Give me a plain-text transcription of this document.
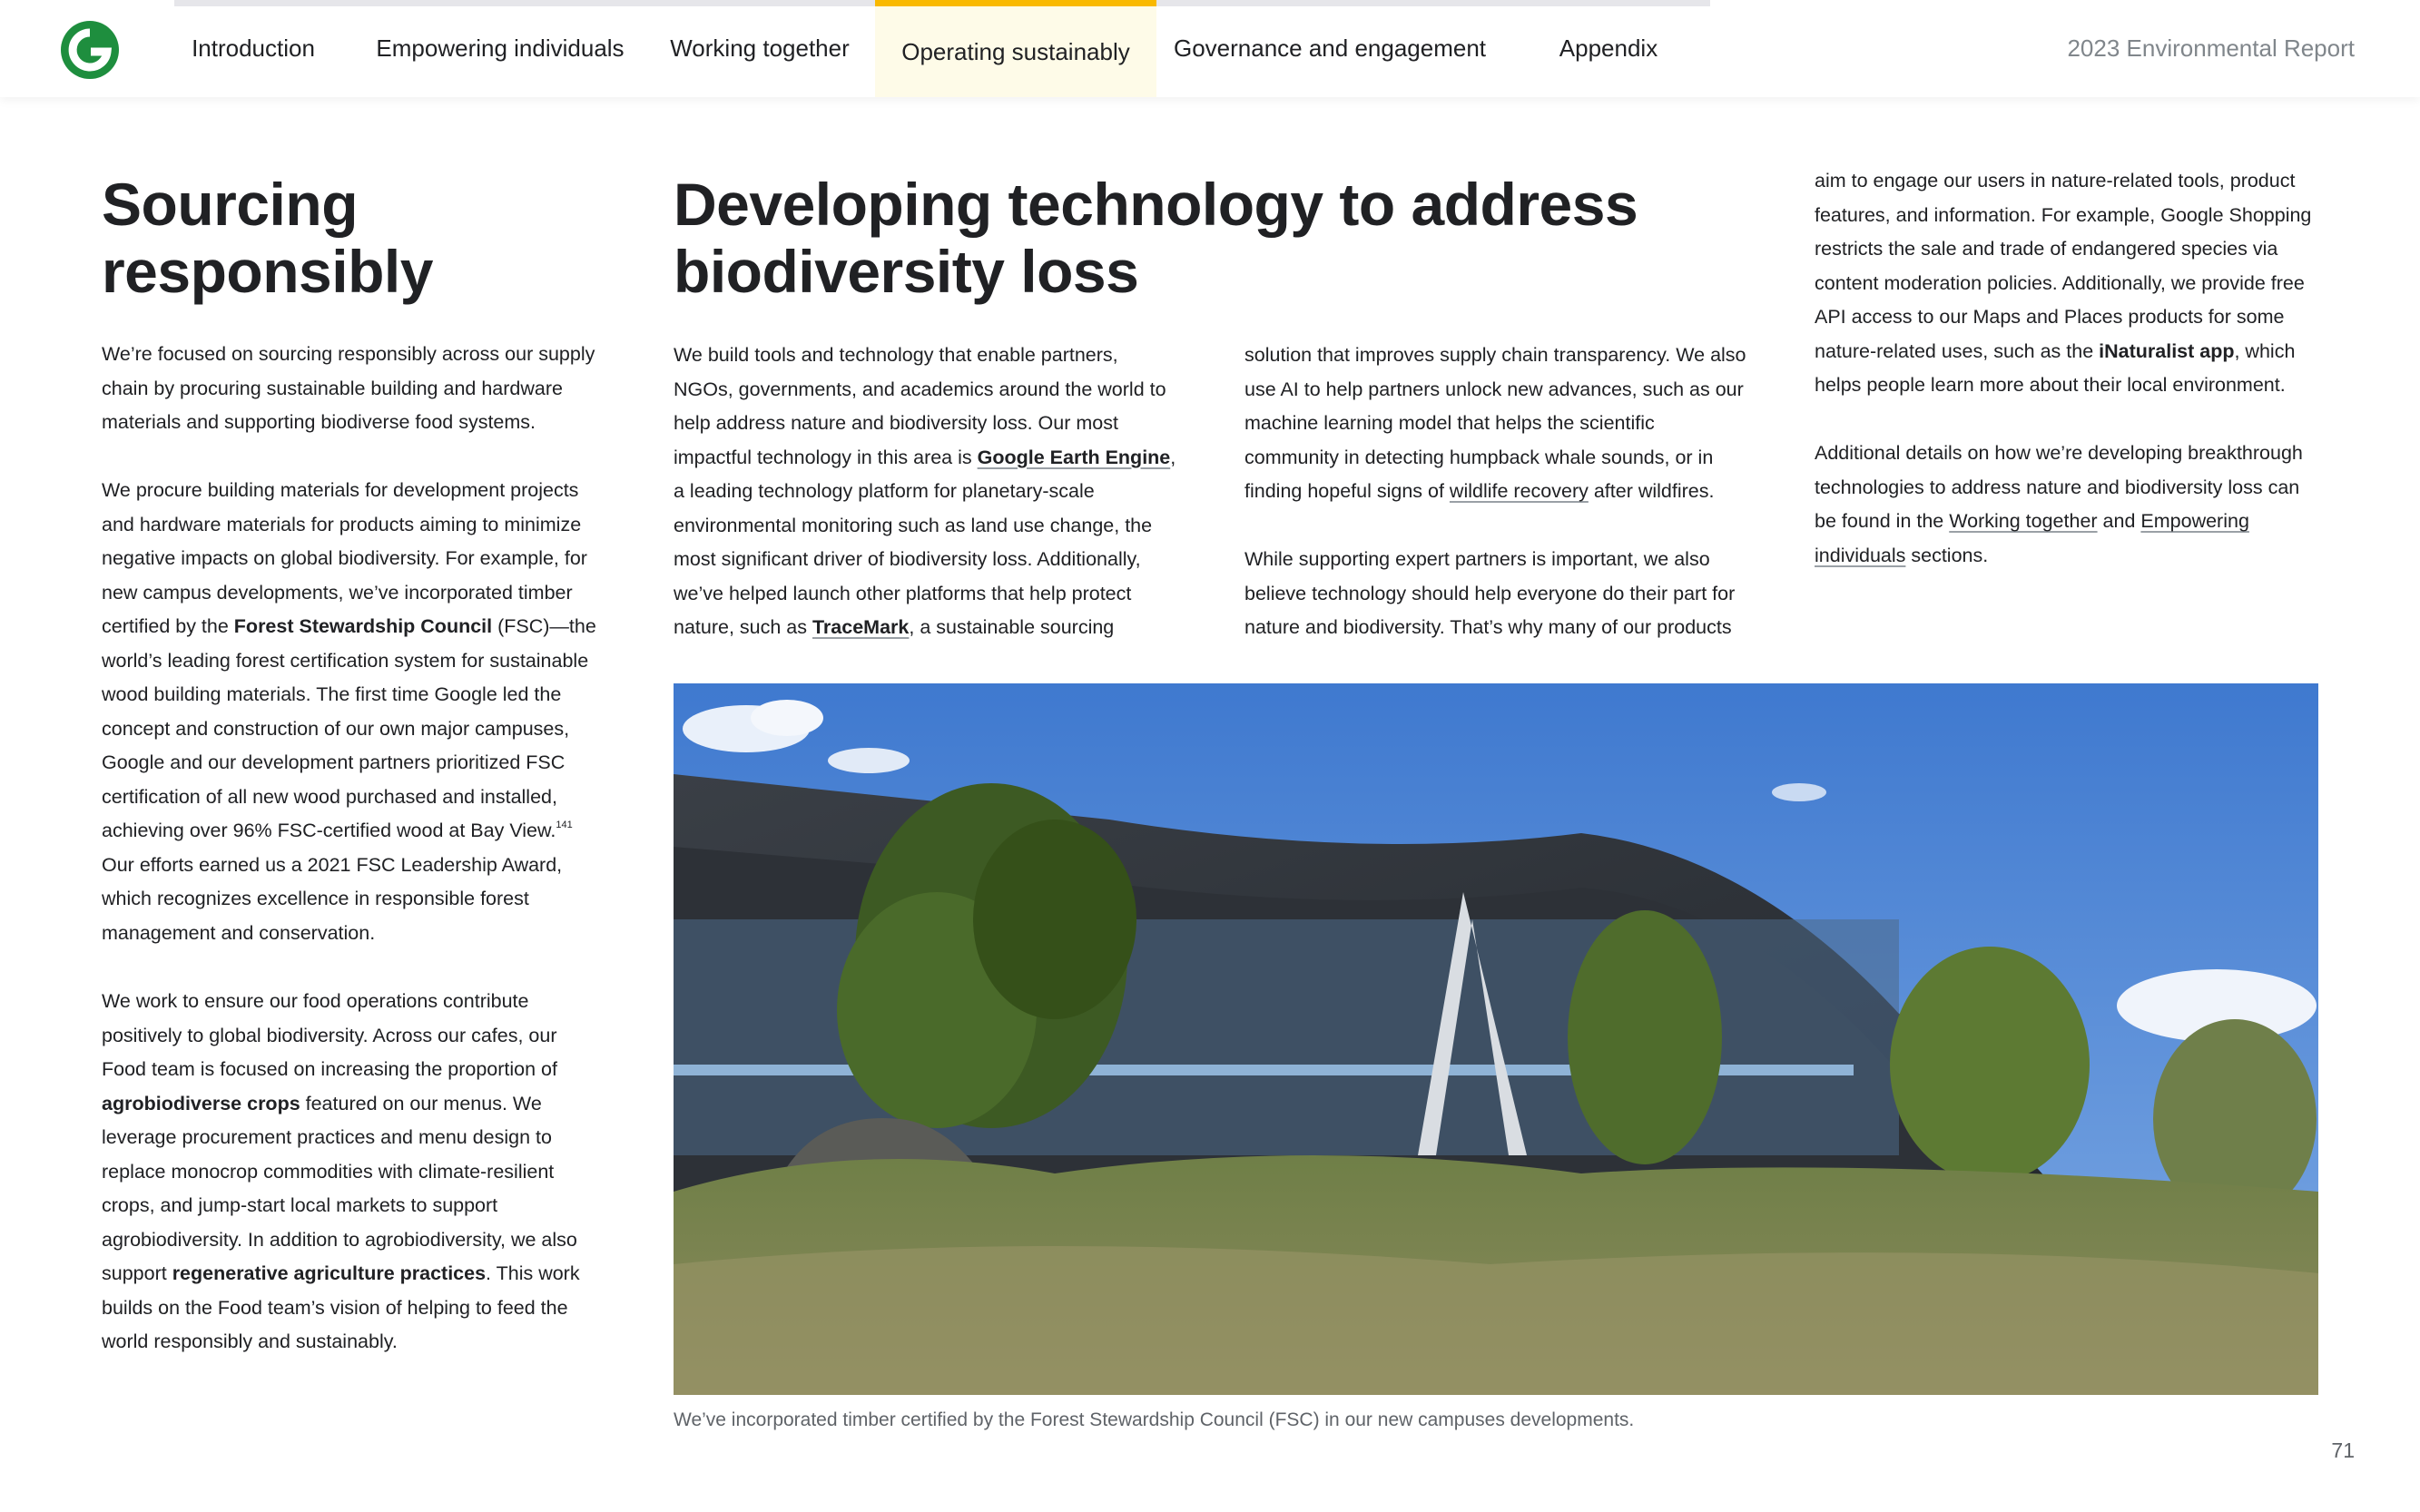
Introduction	Empowering individuals	Working together	Operating sustainably	Governance and engagement	Appendix	2023 Environmental Report
Sourcing responsibly

We’re focused on sourcing responsibly across our supply chain by procuring sustainable building and hardware materials and supporting biodiverse food systems.

We procure building materials for development projects and hardware materials for products aiming to minimize negative impacts on global biodiversity. For example, for new campus developments, we’ve incorporated timber certified by the Forest Stewardship Council (FSC)—the world’s leading forest certification system for sustainable wood building materials. The first time Google led the concept and construction of our own major campuses, Google and our development partners prioritized FSC certification of all new wood purchased and installed, achieving over 96% FSC-certified wood at Bay View.$^{141}$ Our efforts earned us a 2021 FSC Leadership Award, which recognizes excellence in responsible forest management and conservation.

We work to ensure our food operations contribute positively to global biodiversity. Across our cafes, our Food team is focused on increasing the proportion of agrobiodiverse crops featured on our menus. We leverage procurement practices and menu design to replace monocrop commodities with climate-resilient crops, and jump-start local markets to support agrobiodiversity. In addition to agrobiodiversity, we also support regenerative agriculture practices. This work builds on the Food team’s vision of helping to feed the world responsibly and sustainably.

Developing technology to address biodiversity loss

We build tools and technology that enable partners, NGOs, governments, and academics around the world to help address nature and biodiversity loss. Our most impactful technology in this area is Google Earth Engine, a leading technology platform for planetary-scale environmental monitoring such as land use change, the most significant driver of biodiversity loss. Additionally, we’ve helped launch other platforms that help protect nature, such as TraceMark, a sustainable sourcing

solution that improves supply chain transparency. We also use AI to help partners unlock new advances, such as our machine learning model that helps the scientific community in detecting humpback whale sounds, or in finding hopeful signs of wildlife recovery after wildfires.

While supporting expert partners is important, we also believe technology should help everyone do their part for nature and biodiversity. That’s why many of our products

aim to engage our users in nature-related tools, product features, and information. For example, Google Shopping restricts the sale and trade of endangered species via content moderation policies. Additionally, we provide free API access to our Maps and Places products for some nature-related uses, such as the iNaturalist app, which helps people learn more about their local environment.

Additional details on how we’re developing breakthrough technologies to address nature and biodiversity loss can be found in the Working together and Empowering individuals sections.

We’ve incorporated timber certified by the Forest Stewardship Council (FSC) in our new campuses developments.
71
